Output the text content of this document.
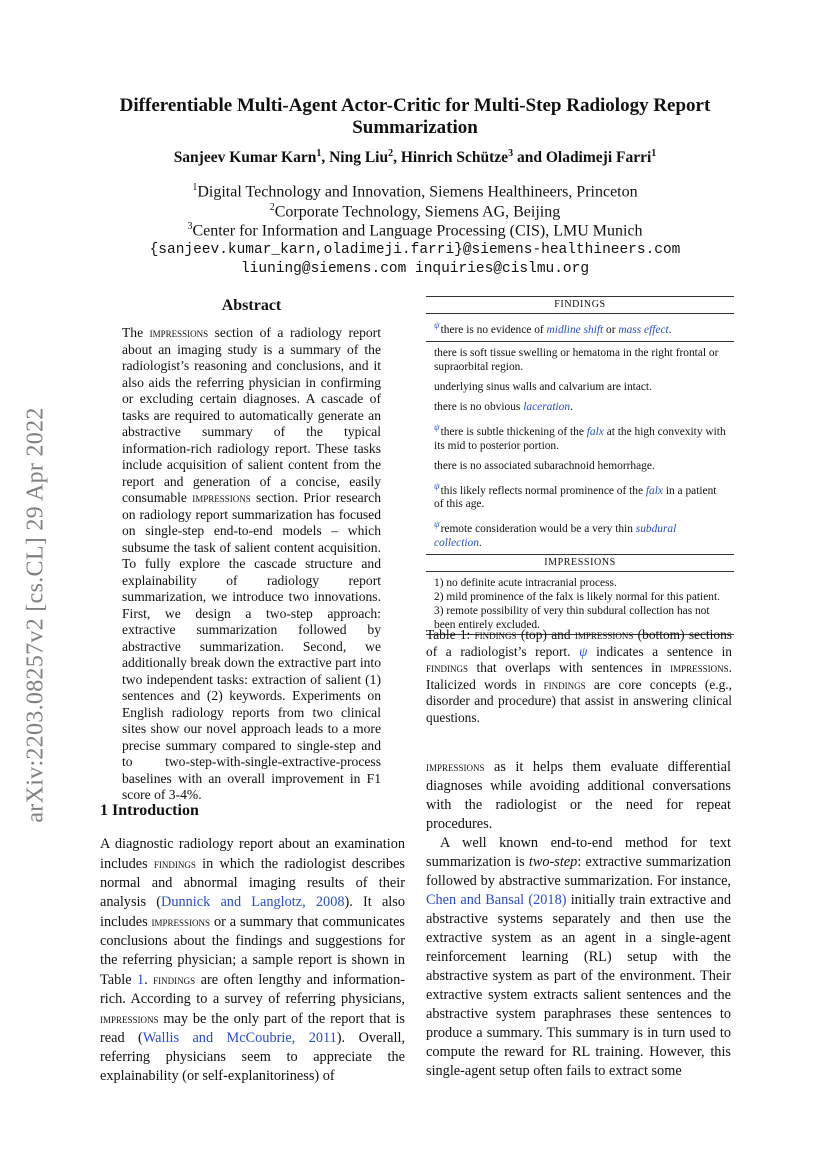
arXiv:2203.08257v2 [cs.CL] 29 Apr 2022
Differentiable Multi-Agent Actor-Critic for Multi-Step Radiology Report
Summarization
Sanjeev Kumar Karn$^1$, Ning Liu$^2$, Hinrich Schütze$^3$ and Oladimeji Farri$^1$
$^1$Digital Technology and Innovation, Siemens Healthineers, Princeton
$^2$Corporate Technology, Siemens AG, Beijing
$^3$Center for Information and Language Processing (CIS), LMU Munich
{sanjeev.kumar_karn,oladimeji.farri}@siemens-healthineers.com
liuning@siemens.com inquiries@cislmu.org
Abstract
The impressions section of a radiology report about an imaging study is a summary of the radiologist’s reasoning and conclusions, and it also aids the referring physician in confirming or excluding certain diagnoses. A cascade of tasks are required to automatically generate an abstractive summary of the typical information-rich radiology report. These tasks include acquisition of salient content from the report and generation of a concise, easily consumable impressions section. Prior research on radiology report summarization has focused on single-step end-to-end models – which subsume the task of salient content acquisition. To fully explore the cascade structure and explainability of radiology report summarization, we introduce two innovations. First, we design a two-step approach: extractive summarization followed by abstractive summarization. Second, we additionally break down the extractive part into two independent tasks: extraction of salient (1) sentences and (2) keywords. Experiments on English radiology reports from two clinical sites show our novel approach leads to a more precise summary compared to single-step and to two-step-with-single-extractive-process baselines with an overall improvement in F1 score of 3-4%.
FINDINGS
$^\psi$there is no evidence of midline shift or mass effect.
there is soft tissue swelling or hematoma in the right frontal or supraorbital region.
underlying sinus walls and calvarium are intact.
there is no obvious laceration.
$^\psi$there is subtle thickening of the falx at the high convexity with its mid to posterior portion.
there is no associated subarachnoid hemorrhage.
$^\psi$this likely reflects normal prominence of the falx in a patient of this age.
$^\psi$remote consideration would be a very thin subdural collection.
IMPRESSIONS
1) no definite acute intracranial process.
2) mild prominence of the falx is likely normal for this patient.
3) remote possibility of very thin subdural collection has not been entirely excluded.
Table 1: findings (top) and impressions (bottom) sections of a radiologist’s report. ψ indicates a sentence in findings that overlaps with sentences in impressions. Italicized words in findings are core concepts (e.g., disorder and procedure) that assist in answering clinical questions.
1 Introduction
A diagnostic radiology report about an examination includes findings in which the radiologist describes normal and abnormal imaging results of their analysis (Dunnick and Langlotz, 2008). It also includes impressions or a summary that communicates conclusions about the findings and suggestions for the referring physician; a sample report is shown in Table 1. findings are often lengthy and information-rich. According to a survey of referring physicians, impressions may be the only part of the report that is read (Wallis and McCoubrie, 2011). Overall, referring physicians seem to appreciate the explainability (or self-explanitoriness) of

impressions as it helps them evaluate differential diagnoses while avoiding additional conversations with the radiologist or the need for repeat procedures.

A well known end-to-end method for text summarization is two-step: extractive summarization followed by abstractive summarization. For instance, Chen and Bansal (2018) initially train extractive and abstractive systems separately and then use the extractive system as an agent in a single-agent reinforcement learning (RL) setup with the abstractive system as part of the environment. Their extractive system extracts salient sentences and the abstractive system paraphrases these sentences to produce a summary. This summary is in turn used to compute the reward for RL training. However, this single-agent setup often fails to extract some
